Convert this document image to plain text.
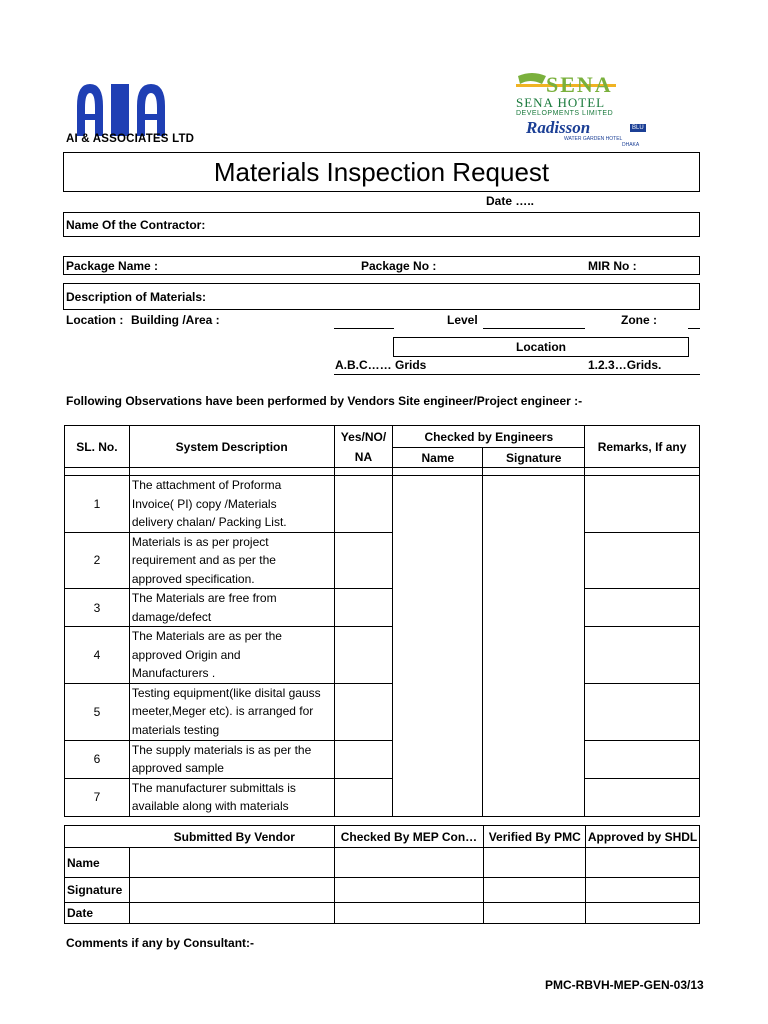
AI & ASSOCIATES LTD
SENA
SENA HOTEL
DEVELOPMENTS LIMITED
Radisson	BLU
WATER GARDEN HOTEL
DHAKA
Materials Inspection Request
Date …..
Name Of the Contractor:
Package Name :	Package No :	MIR No :
Description of Materials:
Location : Building /Area :	Level	Zone :
Location
A.B.C…… Grids	1.2.3…Grids.
Following Observations have been performed by Vendors Site engineer/Project engineer :-
SL. No.	System Description	Yes/NO/	Checked by Engineers		Remarks, If any
		NA	Name	Signature	

1	The attachment of Proforma
Invoice( PI) copy /Materials
delivery chalan/ Packing List.				

2	Materials is as per project
requirement and as per the
approved specification.				

3	The Materials are free from
damage/defect				

4	The Materials are as per the
approved Origin and
Manufacturers .				

5	Testing equipment(like disital gauss
meeter,Meger etc). is arranged for
materials testing				

6	The supply materials is as per the
approved sample				

7	The manufacturer submittals is
available along with materials				

Submitted By Vendor		Checked By MEP Con…	Verified By PMC	Approved by SHDL
Name				
Signature				
Date				
Comments if any by Consultant:-
PMC-RBVH-MEP-GEN-03/13
